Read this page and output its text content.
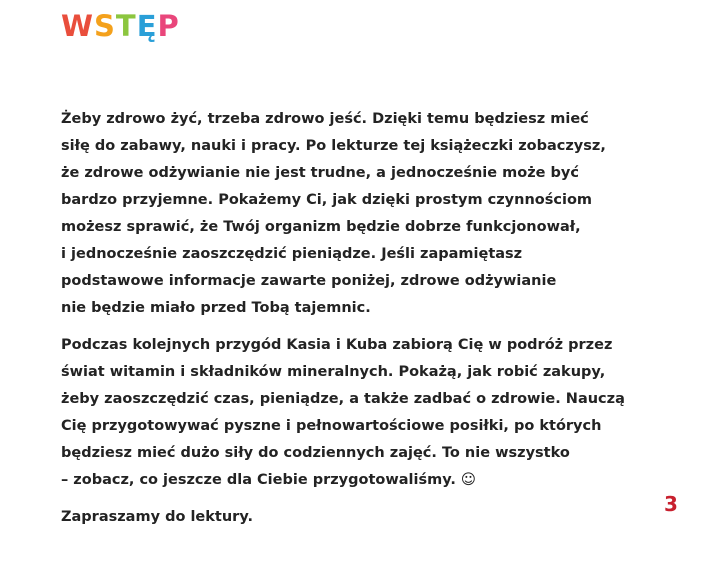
WSTĘP

Żeby zdrowo żyć, trzeba zdrowo jeść. Dzięki temu będziesz mieć
siłę do zabawy, nauki i pracy. Po lekturze tej książeczki zobaczysz,
że zdrowe odżywianie nie jest trudne, a jednocześnie może być
bardzo przyjemne. Pokażemy Ci, jak dzięki prostym czynnościom
możesz sprawić, że Twój organizm będzie dobrze funkcjonował,
i jednocześnie zaoszczędzić pieniądze. Jeśli zapamiętasz
podstawowe informacje zawarte poniżej, zdrowe odżywianie
nie będzie miało przed Tobą tajemnic.

Podczas kolejnych przygód Kasia i Kuba zabiorą Cię w podróż przez
świat witamin i składników mineralnych. Pokażą, jak robić zakupy,
żeby zaoszczędzić czas, pieniądze, a także zadbać o zdrowie. Nauczą
Cię przygotowywać pyszne i pełnowartościowe posiłki, po których
będziesz mieć dużo siły do codziennych zajęć. To nie wszystko
– zobacz, co jeszcze dla Ciebie przygotowaliśmy. ☺

Zapraszamy do lektury.

3
